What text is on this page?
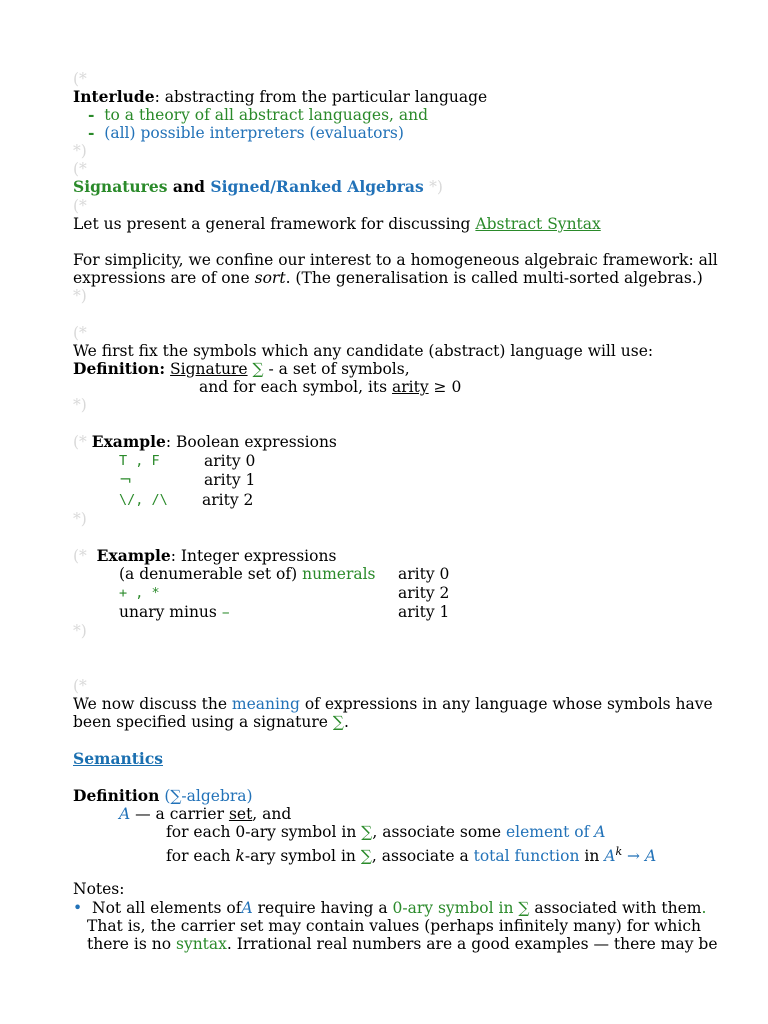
(*
Interlude: abstracting from the particular language
- to a theory of all abstract languages, and
- (all) possible interpreters (evaluators)
*)
(*
Signatures and Signed/Ranked Algebras *)
(*
Let us present a general framework for discussing Abstract Syntax
For simplicity, we confine our interest to a homogeneous algebraic framework: all
expressions are of one sort. (The generalisation is called multi-sorted algebras.)
*)
(*
We first fix the symbols which any candidate (abstract) language will use:
Definition: Signature ∑ - a set of symbols,
and for each symbol, its arity ≥ 0
*)
(* Example: Boolean expressions
T , F	arity 0
¬	arity 1
\/, /\ arity 2
*)
(* Example: Integer expressions
(a denumerable set of) numerals arity 0
+ , *	arity 2
unary minus –	arity 1
*)
(*
We now discuss the meaning of expressions in any language whose symbols have
been specified using a signature ∑.
Semantics
Definition (∑-algebra)
A — a carrier set, and
for each 0-ary symbol in ∑, associate some element of A
for each k-ary symbol in ∑, associate a total function in $A^k \to A$
Notes:
• Not all elements ofA require having a 0-ary symbol in ∑ associated with them.
That is, the carrier set may contain values (perhaps infinitely many) for which
there is no syntax. Irrational real numbers are a good examples — there may be
